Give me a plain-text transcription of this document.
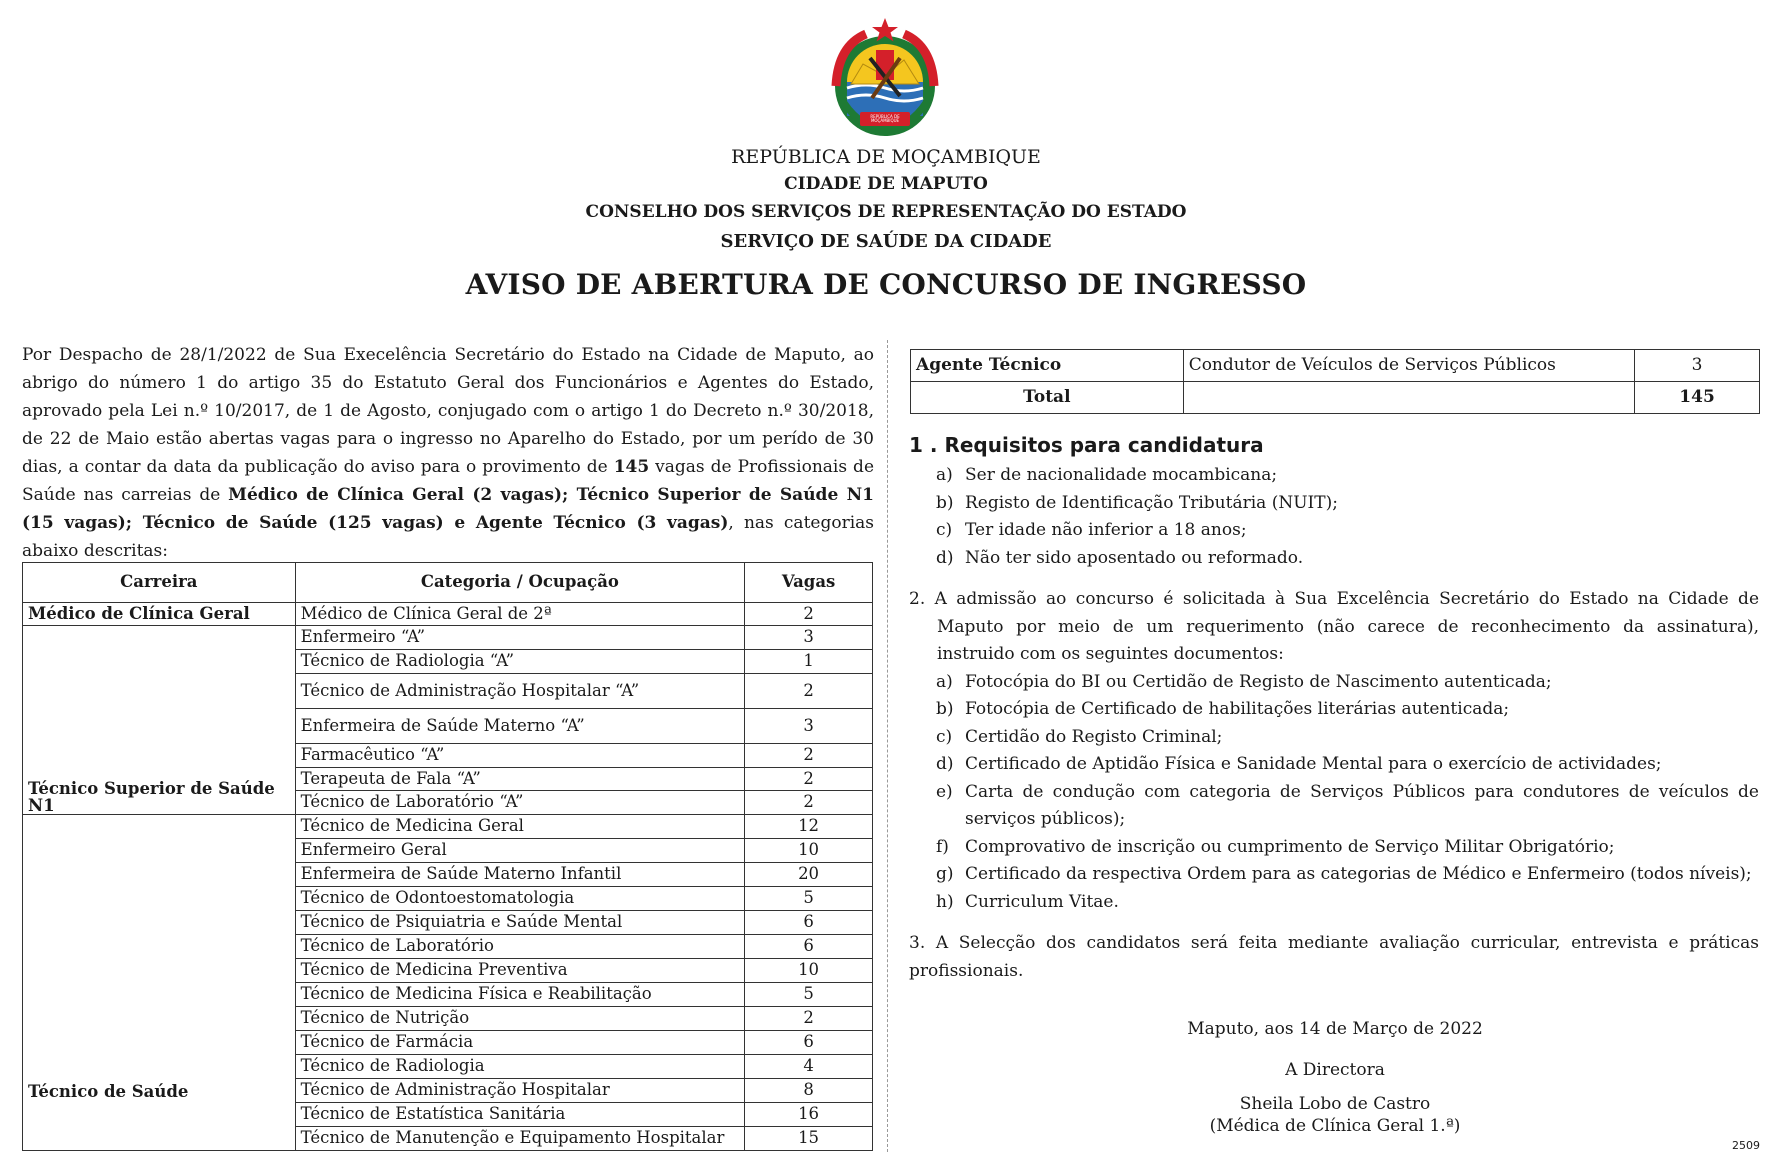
REPÚBLICA DE MOÇAMBIQUE
REPÚBLICA DE MOÇAMBIQUE
CIDADE DE MAPUTO
CONSELHO DOS SERVIÇOS DE REPRESENTAÇÃO DO ESTADO
SERVIÇO DE SAÚDE DA CIDADE
AVISO DE ABERTURA DE CONCURSO DE INGRESSO
Por Despacho de 28/1/2022 de Sua Execelência Secretário do Estado na Cidade de Maputo, ao abrigo do número 1 do artigo 35 do Estatuto Geral dos Funcionários e Agentes do Estado, aprovado pela Lei n.º 10/2017, de 1 de Agosto, conjugado com o artigo 1 do Decreto n.º 30/2018, de 22 de Maio estão abertas vagas para o ingresso no Aparelho do Estado, por um perído de 30 dias, a contar da data da publicação do aviso para o provimento de 145 vagas de Profissionais de Saúde nas carreias de Médico de Clínica Geral (2 vagas); Técnico Superior de Saúde N1 (15 vagas); Técnico de Saúde (125 vagas) e Agente Técnico (3 vagas), nas categorias abaixo descritas:
Carreira	Categoria / Ocupação	Vagas
Médico de Clínica Geral	Médico de Clínica Geral de 2ª	2
Técnico Superior de Saúde N1	Enfermeiro “A”	3
	Técnico de Radiologia “A”	1
	Técnico de Administração Hospitalar “A”	2
	Enfermeira de Saúde Materno “A”	3
	Farmacêutico “A”	2
	Terapeuta de Fala “A”	2
	Técnico de Laboratório “A”	2
Técnico de Saúde	Técnico de Medicina Geral	12
	Enfermeiro Geral	10
	Enfermeira de Saúde Materno Infantil	20
	Técnico de Odontoestomatologia	5
	Técnico de Psiquiatria e Saúde Mental	6
	Técnico de Laboratório	6
	Técnico de Medicina Preventiva	10
	Técnico de Medicina Física e Reabilitação	5
	Técnico de Nutrição	2
	Técnico de Farmácia	6
	Técnico de Radiologia	4
	Técnico de Administração Hospitalar	8
	Técnico de Estatística Sanitária	16
	Técnico de Manutenção e Equipamento Hospitalar	15
Agente Técnico	Condutor de Veículos de Serviços Públicos	3
Total		145
1 . Requisitos para candidatura
a) Ser de nacionalidade mocambicana;
b) Registo de Identificação Tributária (NUIT);
c) Ter idade não inferior a 18 anos;
d) Não ter sido aposentado ou reformado.

2. A admissão ao concurso é solicitada à Sua Excelência Secretário do Estado na Cidade de Maputo por meio de um requerimento (não carece de reconhecimento da assinatura), instruido com os seguintes documentos:

a) Fotocópia do BI ou Certidão de Registo de Nascimento autenticada;
b) Fotocópia de Certificado de habilitações literárias autenticada;
c) Certidão do Registo Criminal;
d) Certificado de Aptidão Física e Sanidade Mental para o exercício de actividades;
e) Carta de condução com categoria de Serviços Públicos para condutores de veículos de serviços públicos);
f) Comprovativo de inscrição ou cumprimento de Serviço Militar Obrigatório;
g) Certificado da respectiva Ordem para as categorias de Médico e Enfermeiro (todos níveis);
h) Curriculum Vitae.

3. A Selecção dos candidatos será feita mediante avaliação curricular, entrevista e práticas profissionais.

Maputo, aos 14 de Março de 2022
A Directora
Sheila Lobo de Castro
(Médica de Clínica Geral 1.ª)
2509
